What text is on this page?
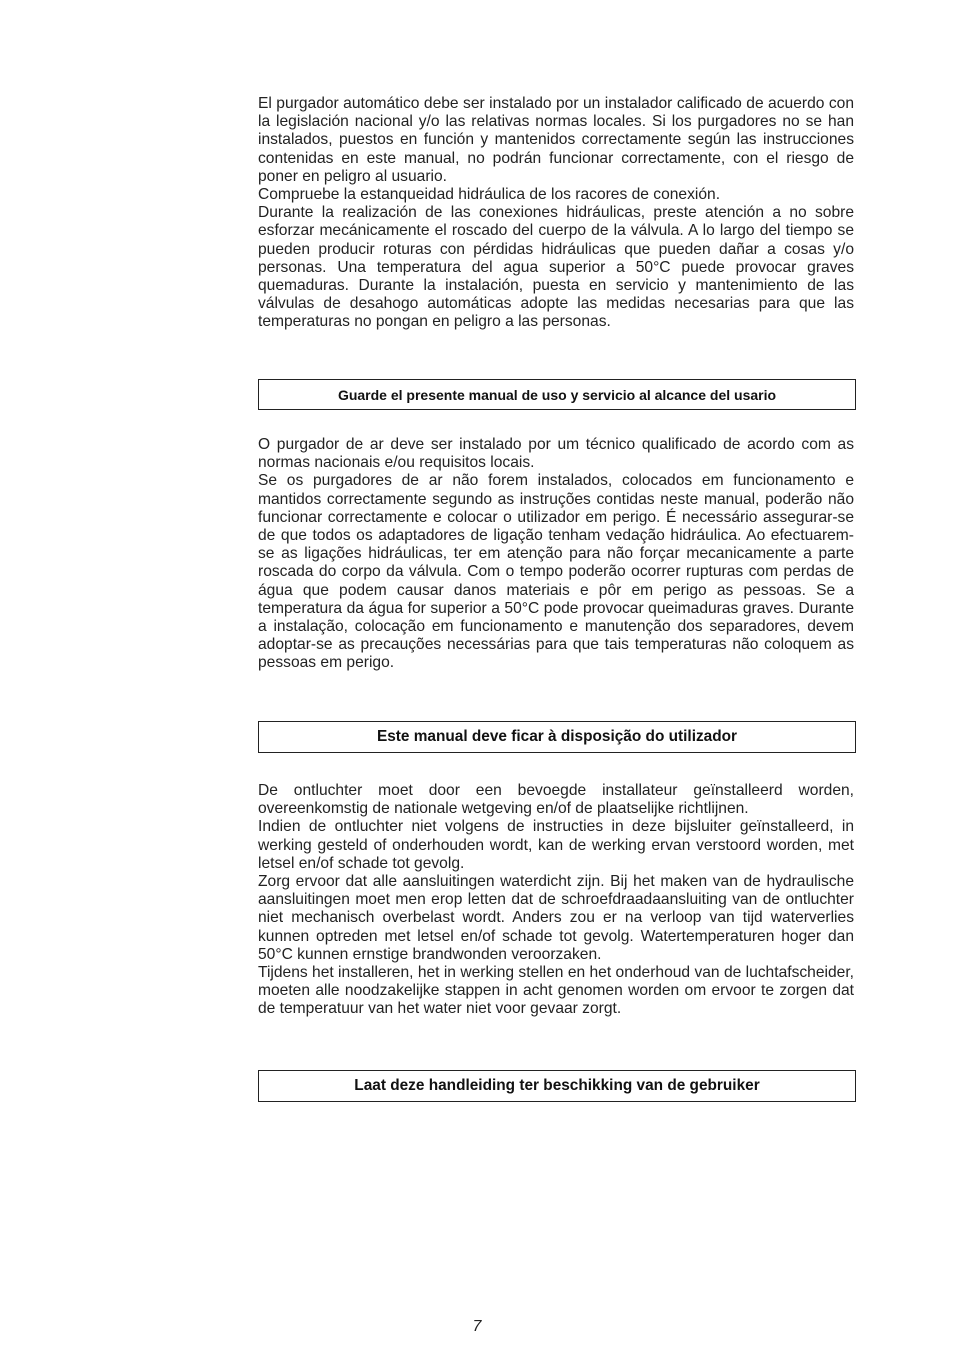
El purgador automático debe ser instalado por un instalador calificado de acuerdo con la legislación nacional y/o las relativas normas locales. Si los purgadores no se han instalados, puestos en función y mantenidos correctamente según las instrucciones contenidas en este manual, no podrán funcionar correctamente, con el riesgo de poner en peligro al usuario.

Compruebe la estanqueidad hidráulica de los racores de conexión.

Durante la realización de las conexiones hidráulicas, preste atención a no sobre esforzar mecánicamente el roscado del cuerpo de la válvula. A lo largo del tiempo se pueden producir roturas con pérdidas hidráulicas que pueden dañar a cosas y/o personas. Una temperatura del agua superior a 50°C puede provocar graves quemaduras. Durante la instalación, puesta en servicio y mantenimiento de las válvulas de desahogo automáticas adopte las medidas necesarias para que las temperaturas no pongan en peligro a las personas.

Guarde el presente manual de uso y servicio al alcance del usario

O purgador de ar deve ser instalado por um técnico qualificado de acordo com as normas nacionais e/ou requisitos locais.

Se os purgadores de ar não forem instalados, colocados em funcionamento e mantidos correctamente segundo as instruções contidas neste manual, poderão não funcionar correctamente e colocar o utilizador em perigo. É necessário assegurar-se de que todos os adaptadores de ligação tenham vedação hidráulica. Ao efectuarem-se as ligações hidráulicas, ter em atenção para não forçar mecanicamente a parte roscada do corpo da válvula. Com o tempo poderão ocorrer rupturas com perdas de água que podem causar danos materiais e pôr em perigo as pessoas. Se a temperatura da água for superior a 50°C pode provocar queimaduras graves. Durante a instalação, colocação em funcionamento e manutenção dos separadores, devem adoptar-se as precauções necessárias para que tais temperaturas não coloquem as pessoas em perigo.

Este manual deve ficar à disposição do utilizador

De ontluchter moet door een bevoegde installateur geïnstalleerd worden, overeenkomstig de nationale wetgeving en/of de plaatselijke richtlijnen.

Indien de ontluchter niet volgens de instructies in deze bijsluiter geïnstalleerd, in werking gesteld of onderhouden wordt, kan de werking ervan verstoord worden, met letsel en/of schade tot gevolg.

Zorg ervoor dat alle aansluitingen waterdicht zijn. Bij het maken van de hydraulische aansluitingen moet men erop letten dat de schroefdraadaansluiting van de ontluchter niet mechanisch overbelast wordt. Anders zou er na verloop van tijd waterverlies kunnen optreden met letsel en/of schade tot gevolg. Watertemperaturen hoger dan 50°C kunnen ernstige brandwonden veroorzaken.

Tijdens het installeren, het in werking stellen en het onderhoud van de luchtafscheider, moeten alle noodzakelijke stappen in acht genomen worden om ervoor te zorgen dat de temperatuur van het water niet voor gevaar zorgt.

Laat deze handleiding ter beschikking van de gebruiker
7
